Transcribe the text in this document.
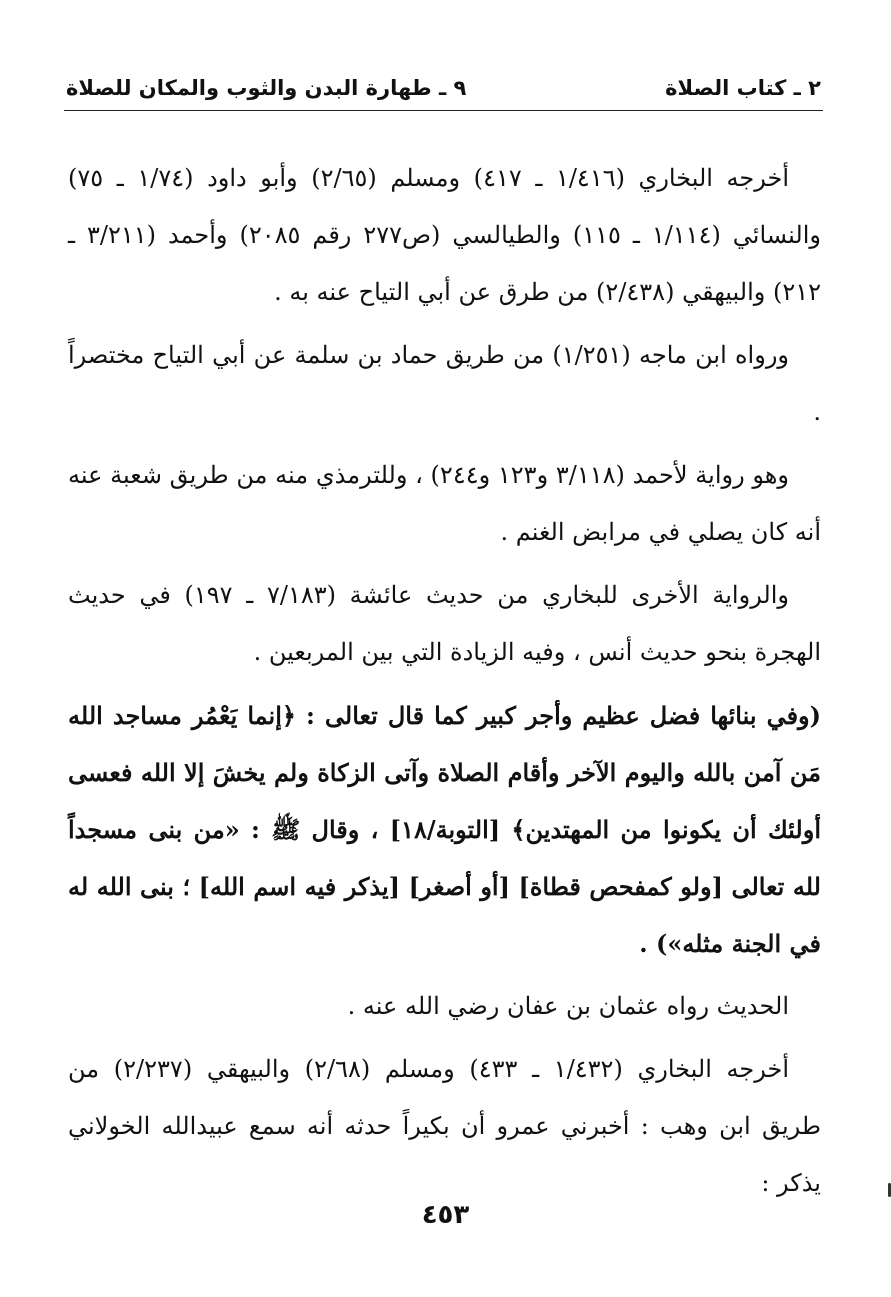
٢ ـ كتاب الصلاة
٩ ـ طهارة البدن والثوب والمكان للصلاة

أخرجه البخاري (١/٤١٦ ـ ٤١٧) ومسلم (٢/٦٥) وأبو داود (١/٧٤ ـ ٧٥) والنسائي (١/١١٤ ـ ١١٥) والطيالسي (ص٢٧٧ رقم ٢٠٨٥) وأحمد (٣/٢١١ ـ ٢١٢) والبيهقي (٢/٤٣٨) من طرق عن أبي التياح عنه به .

ورواه ابن ماجه (١/٢٥١) من طريق حماد بن سلمة عن أبي التياح مختصراً .

وهو رواية لأحمد (٣/١١٨ و١٢٣ و٢٤٤) ، وللترمذي منه من طريق شعبة عنه أنه كان يصلي في مرابض الغنم .

والرواية الأخرى للبخاري من حديث عائشة (٧/١٨٣ ـ ١٩٧) في حديث الهجرة بنحو حديث أنس ، وفيه الزيادة التي بين المربعين .

(وفي بنائها فضل عظيم وأجر كبير كما قال تعالى : ﴿إنما يَعْمُر مساجد الله مَن آمن بالله واليوم الآخر وأقام الصلاة وآتى الزكاة ولم يخشَ إلا الله فعسى أولئك أن يكونوا من المهتدين﴾ [التوبة/١٨] ، وقال ﷺ : «من بنى مسجداً لله تعالى [ولو كمفحص قطاة] [أو أصغر] [يذكر فيه اسم الله] ؛ بنى الله له في الجنة مثله») .

الحديث رواه عثمان بن عفان رضي الله عنه .

أخرجه البخاري (١/٤٣٢ ـ ٤٣٣) ومسلم (٢/٦٨) والبيهقي (٢/٢٣٧) من طريق ابن وهب : أخبرني عمرو أن بكيراً حدثه أنه سمع عبيدالله الخولاني يذكر :

٤٥٣
